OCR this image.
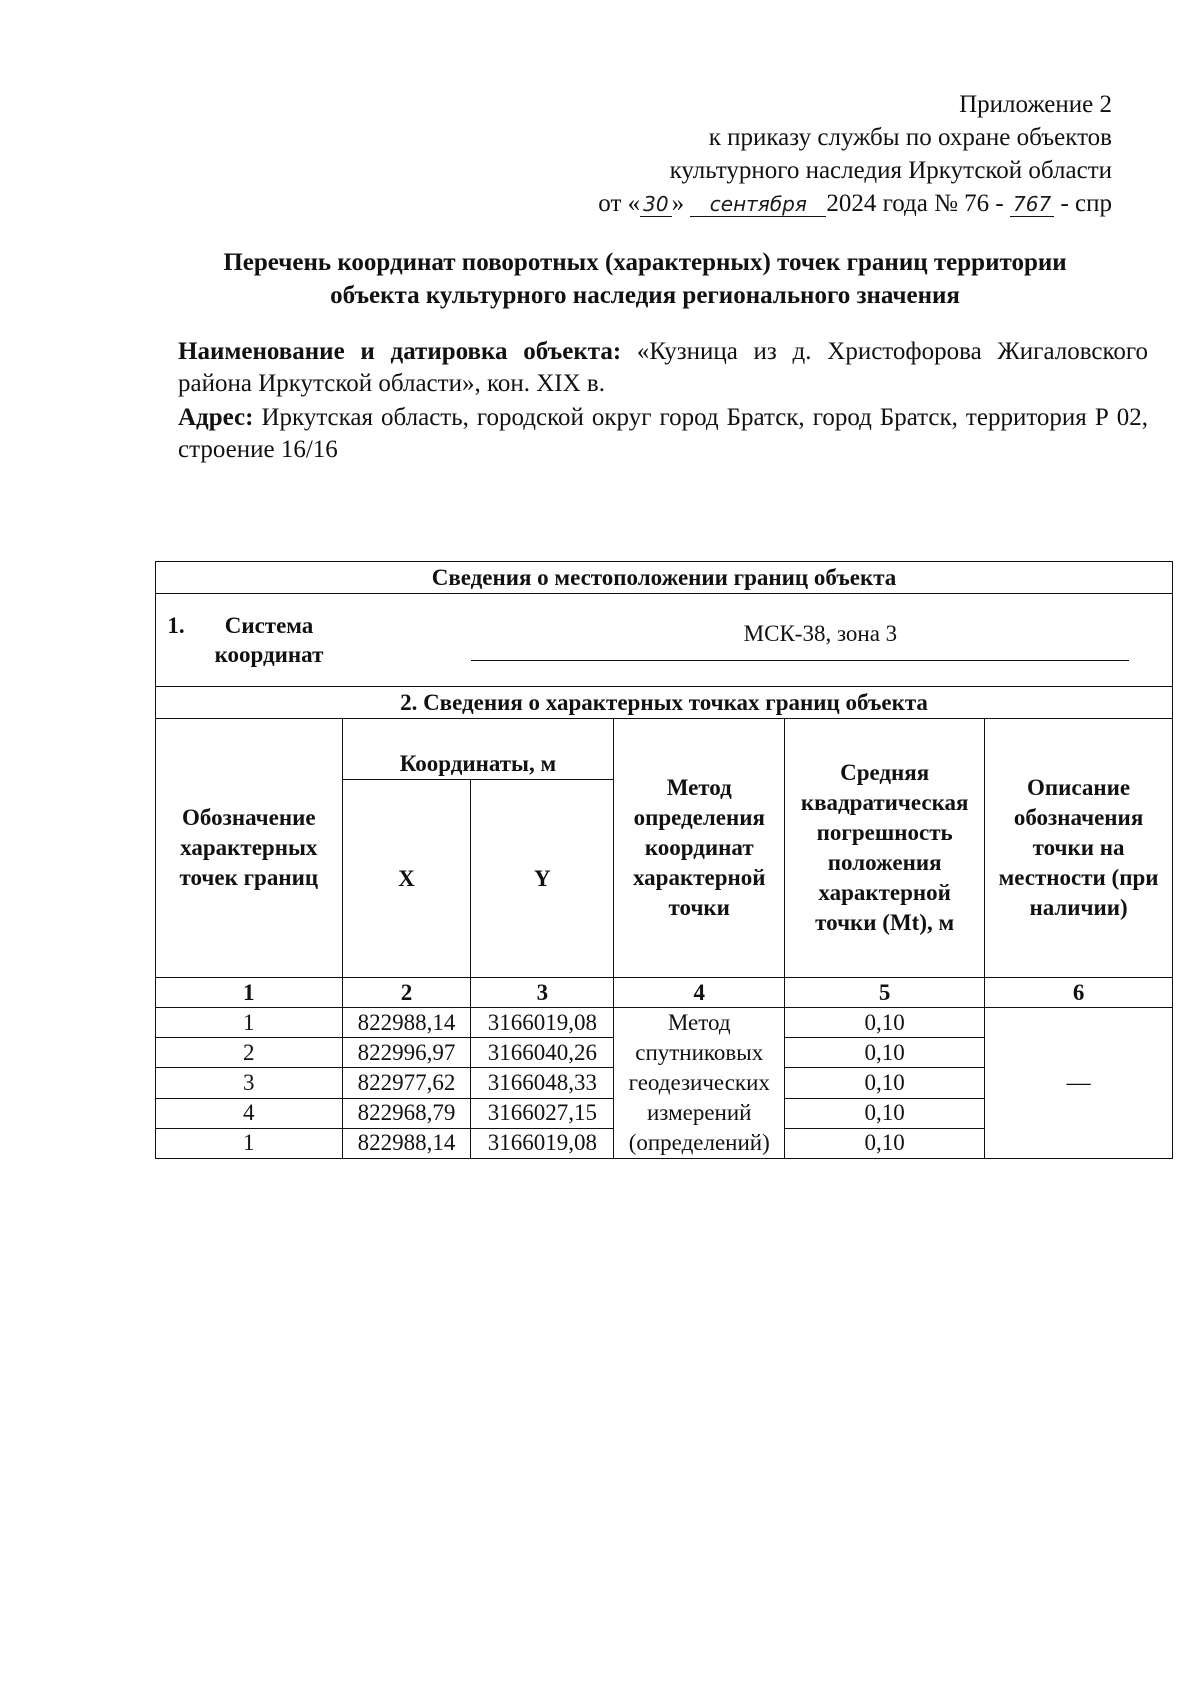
Приложение 2
к приказу службы по охране объектов
культурного наследия Иркутской области
от « 30 » сентября 2024 года № 76 - 767 - спр
Перечень координат поворотных (характерных) точек границ территории
объекта культурного наследия регионального значения

Наименование и датировка объекта: «Кузница из д. Христофорова Жигаловского района Иркутской области», кон. XIX в.

Адрес: Иркутская область, городской округ город Братск, город Братск, территория Р 02, строение 16/16

Сведения о местоположении границ объекта					

1. Система координат		МСК-38, зона 3			

2. Сведения о характерных точках границ объекта					
Обозначение характерных точек границ	Координаты, м		Метод определения координат характерной точки	Средняя квадратическая погрешность положения характерной точки (Mt), м	Описание обозначения точки на местности (при наличии)
	X	Y			
1	2	3	4	5	6
1	822988,14	3166019,08	Метод спутниковых геодезических измерений (определений)	0,10	—
2	822996,97	3166040,26		0,10	
3	822977,62	3166048,33		0,10	
4	822968,79	3166027,15		0,10	
1	822988,14	3166019,08		0,10	
